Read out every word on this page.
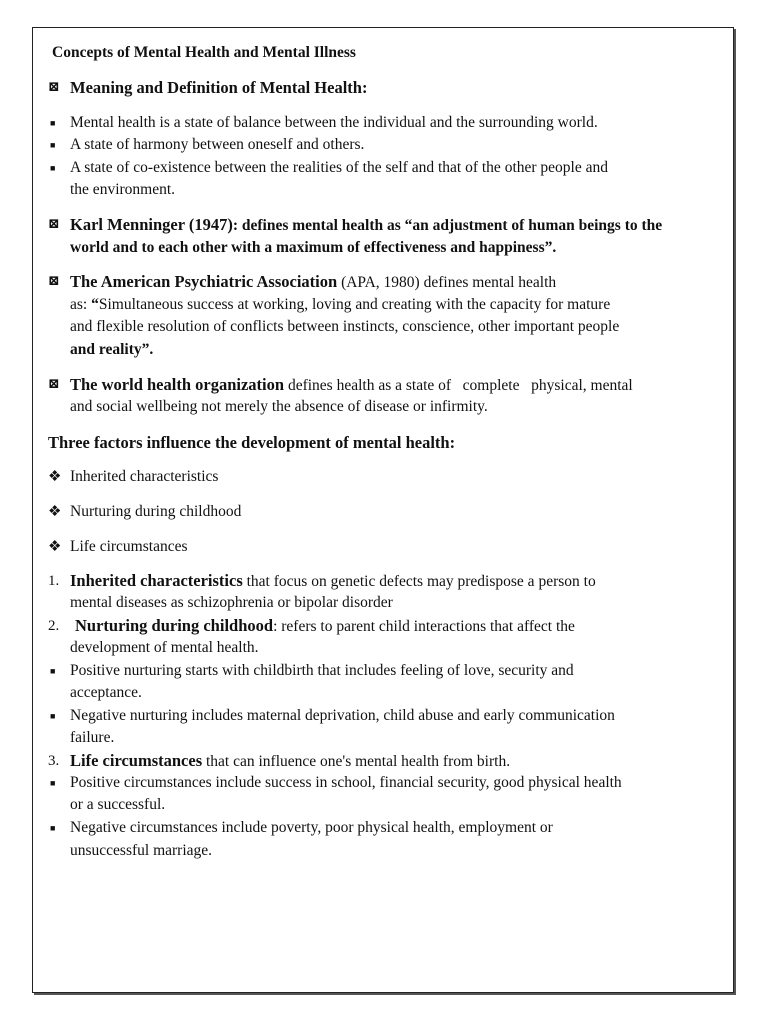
Concepts of Mental Health and Mental Illness
⊠ Meaning and Definition of Mental Health:
■ Mental health is a state of balance between the individual and the surrounding world.
■ A state of harmony between oneself and others.
■ A state of co-existence between the realities of the self and that of the other people and
the environment.
⊠ Karl Menninger (1947): defines mental health as “an adjustment of human beings to the
world and to each other with a maximum of effectiveness and happiness”.
⊠ The American Psychiatric Association (APA, 1980) defines mental health
as: “Simultaneous success at working, loving and creating with the capacity for mature
and flexible resolution of conflicts between instincts, conscience, other important people
and reality”.
⊠ The world health organization defines health as a state of   complete   physical, mental
and social wellbeing not merely the absence of disease or infirmity.
Three factors influence the development of mental health:
❖ Inherited characteristics
❖ Nurturing during childhood
❖ Life circumstances
1. Inherited characteristics that focus on genetic defects may predispose a person to
mental diseases as schizophrenia or bipolar disorder
2. Nurturing during childhood: refers to parent child interactions that affect the
development of mental health.
■ Positive nurturing starts with childbirth that includes feeling of love, security and
acceptance.
■ Negative nurturing includes maternal deprivation, child abuse and early communication
failure.
3. Life circumstances that can influence one's mental health from birth.
■ Positive circumstances include success in school, financial security, good physical health
or a successful.
■ Negative circumstances include poverty, poor physical health, employment or
unsuccessful marriage.
